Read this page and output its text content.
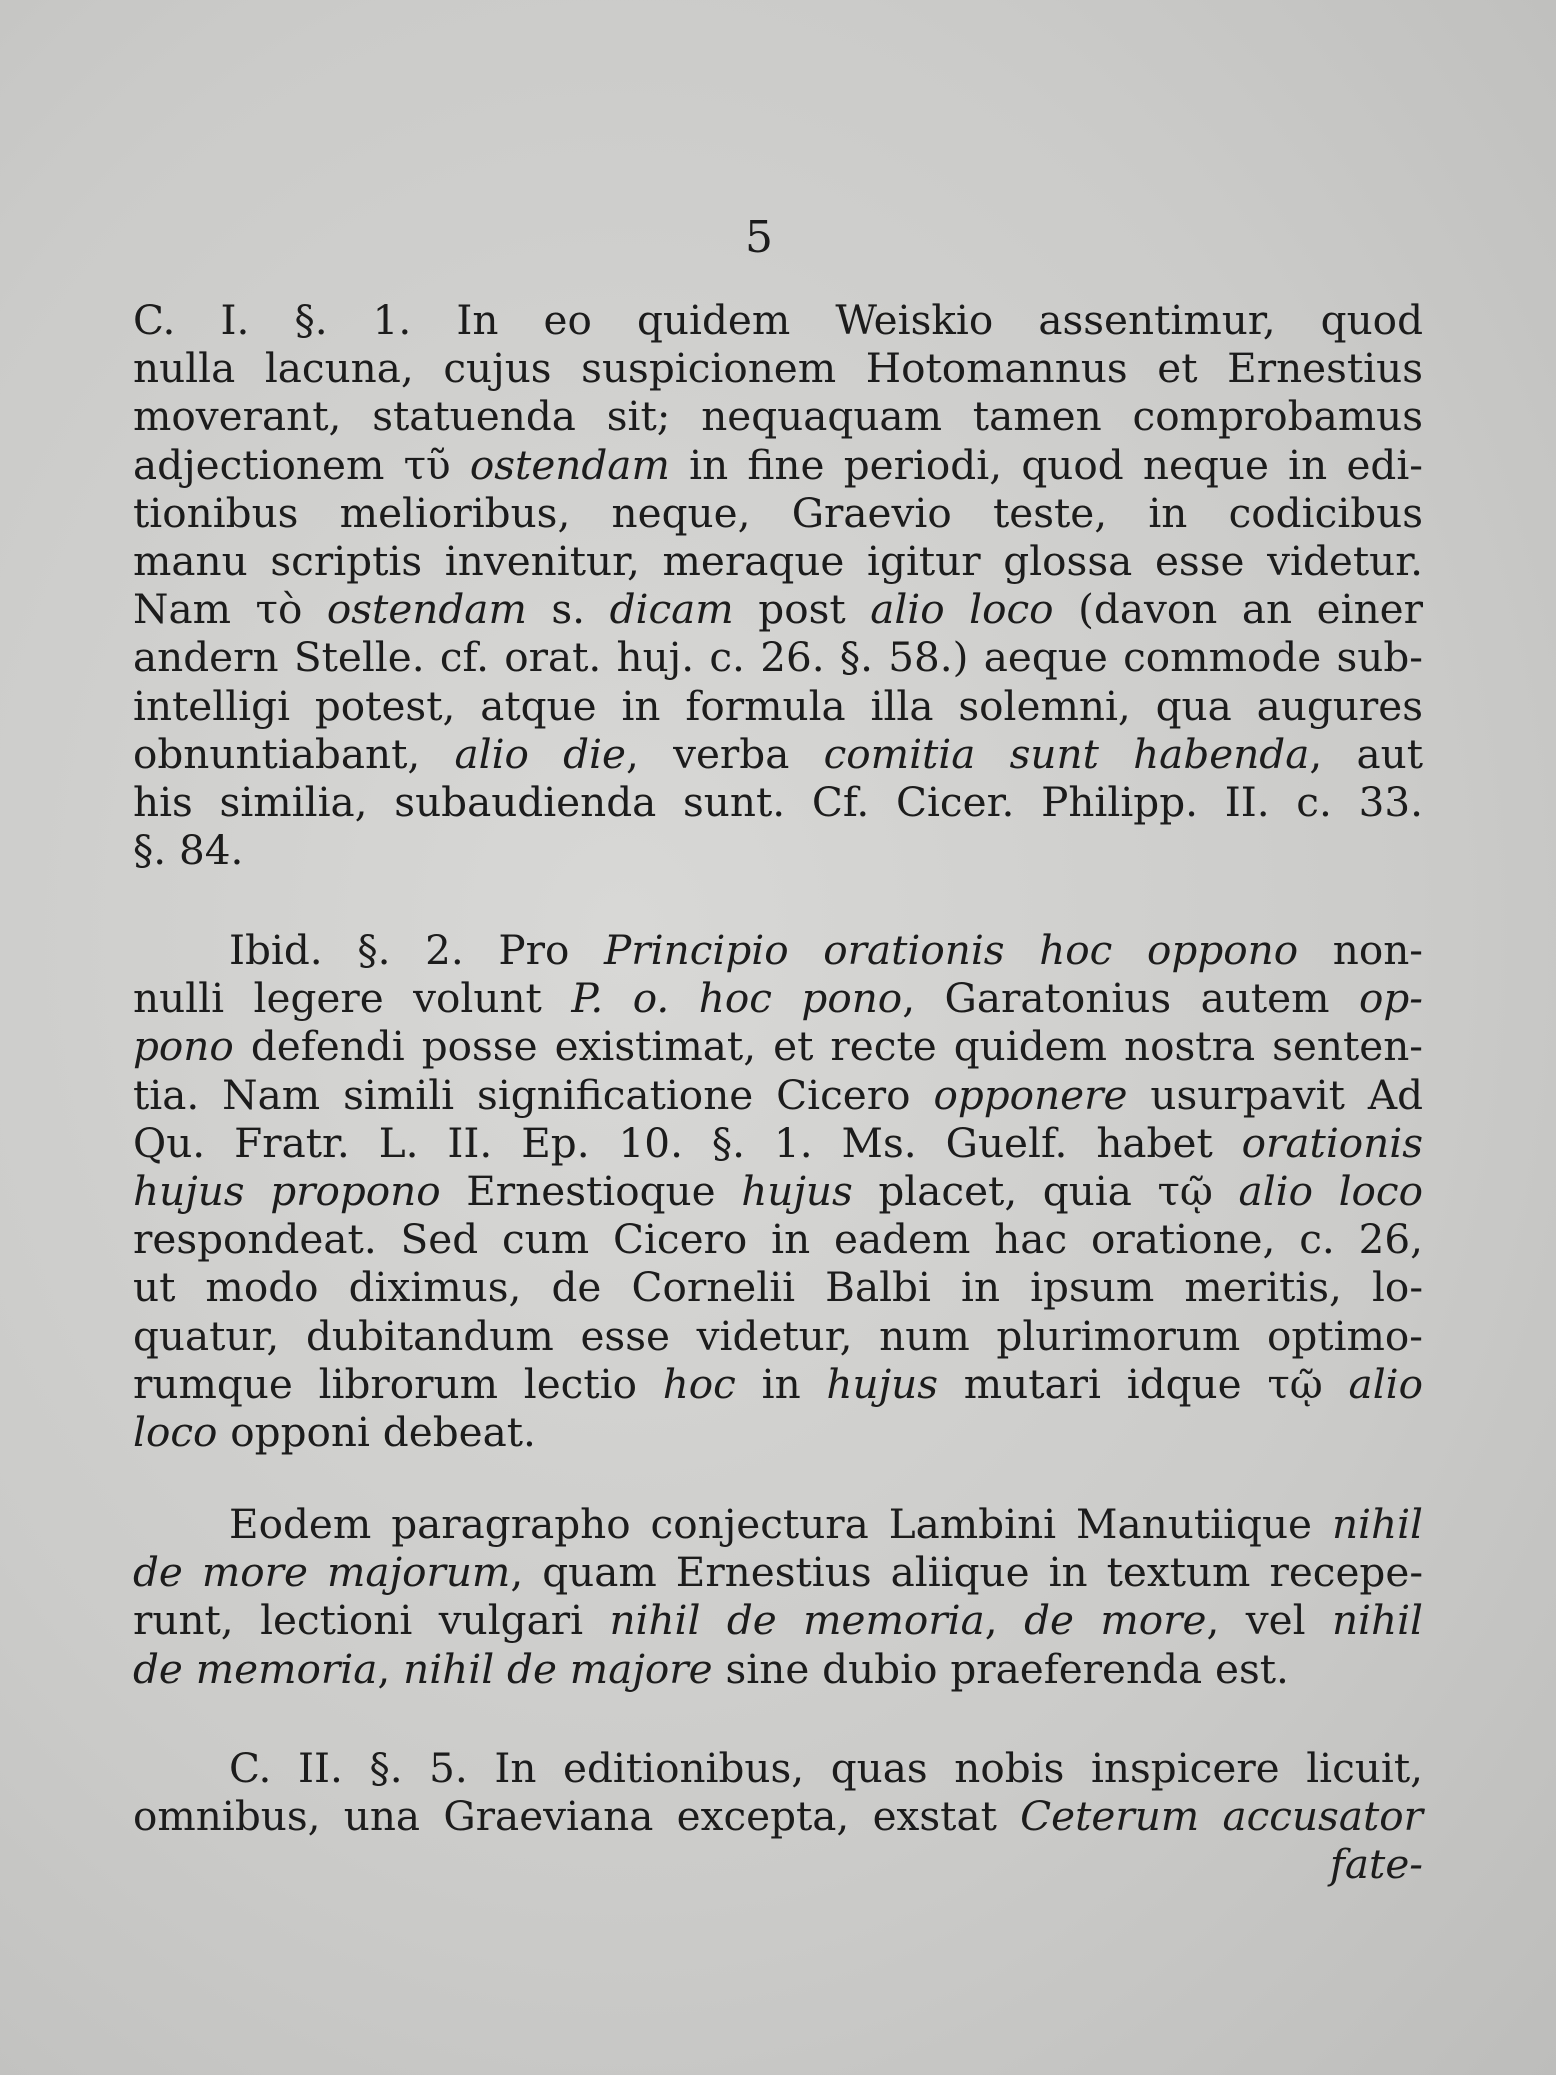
5
C. I. §. 1. In eo quidem Weiskio assentimur, quod
nulla lacuna, cujus suspicionem Hotomannus et Ernestius
moverant, statuenda sit; nequaquam tamen comprobamus
adjectionem τῦ ostendam in fine periodi, quod neque in edi-
tionibus melioribus, neque, Graevio teste, in codicibus
manu scriptis invenitur, meraque igitur glossa esse videtur.
Nam τὸ ostendam s. dicam post alio loco (davon an einer
andern Stelle. cf. orat. huj. c. 26. §. 58.) aeque commode sub-
intelligi potest, atque in formula illa solemni, qua augures
obnuntiabant, alio die, verba comitia sunt habenda, aut
his similia, subaudienda sunt. Cf. Cicer. Philipp. II. c. 33.
§. 84.
Ibid. §. 2. Pro Principio orationis hoc oppono non-
nulli legere volunt P. o. hoc pono, Garatonius autem op-
pono defendi posse existimat, et recte quidem nostra senten-
tia. Nam simili significatione Cicero opponere usurpavit Ad
Qu. Fratr. L. II. Ep. 10. §. 1. Ms. Guelf. habet orationis
hujus propono Ernestioque hujus placet, quia τῷ alio loco
respondeat. Sed cum Cicero in eadem hac oratione, c. 26,
ut modo diximus, de Cornelii Balbi in ipsum meritis, lo-
quatur, dubitandum esse videtur, num plurimorum optimo-
rumque librorum lectio hoc in hujus mutari idque τῷ alio
loco opponi debeat.
Eodem paragrapho conjectura Lambini Manutiique nihil
de more majorum, quam Ernestius aliique in textum recepe-
runt, lectioni vulgari nihil de memoria, de more, vel nihil
de memoria, nihil de majore sine dubio praeferenda est.
C. II. §. 5. In editionibus, quas nobis inspicere licuit,
omnibus, una Graeviana excepta, exstat Ceterum accusator
fate-
